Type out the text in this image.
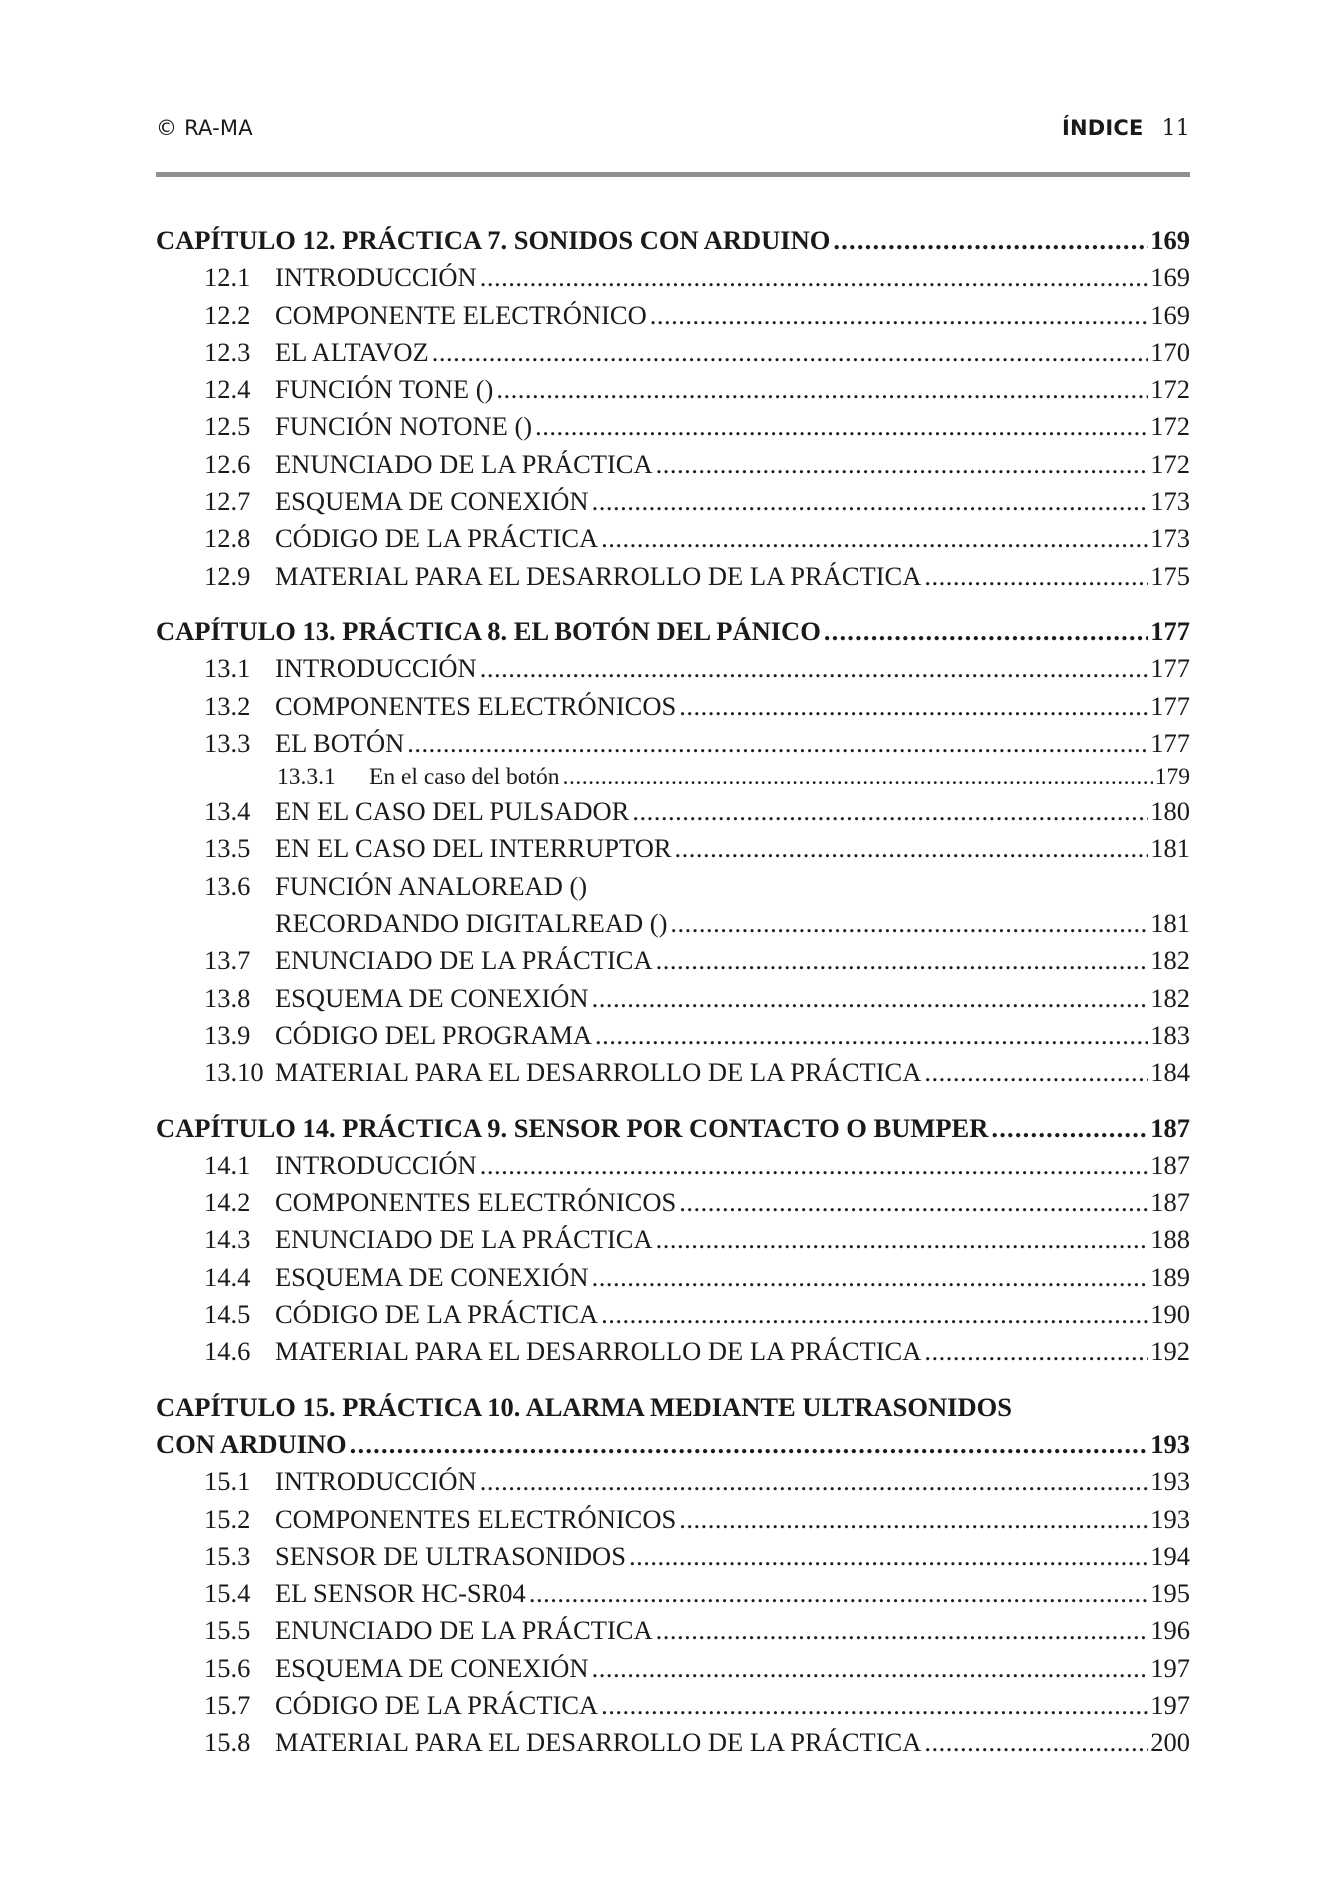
© RA-MA	ÍNDICE 11
CAPÍTULO 12. PRÁCTICA 7. SONIDOS CON ARDUINO .....	169
12.1 INTRODUCCIÓN .....	169
12.2 COMPONENTE ELECTRÓNICO .....	169
12.3 EL ALTAVOZ .....	170
12.4 FUNCIÓN TONE () .....	172
12.5 FUNCIÓN NOTONE () .....	172
12.6 ENUNCIADO DE LA PRÁCTICA .....	172
12.7 ESQUEMA DE CONEXIÓN .....	173
12.8 CÓDIGO DE LA PRÁCTICA .....	173
12.9 MATERIAL PARA EL DESARROLLO DE LA PRÁCTICA .....	175
CAPÍTULO 13. PRÁCTICA 8. EL BOTÓN DEL PÁNICO .....	177
13.1 INTRODUCCIÓN .....	177
13.2 COMPONENTES ELECTRÓNICOS .....	177
13.3 EL BOTÓN .....	177
13.3.1	En el caso del botón .....	179
13.4 EN EL CASO DEL PULSADOR .....	180
13.5 EN EL CASO DEL INTERRUPTOR .....	181
13.6 FUNCIÓN ANALOREAD ()
RECORDANDO DIGITALREAD () .....	181
13.7 ENUNCIADO DE LA PRÁCTICA .....	182
13.8 ESQUEMA DE CONEXIÓN .....	182
13.9 CÓDIGO DEL PROGRAMA .....	183
13.10 MATERIAL PARA EL DESARROLLO DE LA PRÁCTICA .....	184
CAPÍTULO 14. PRÁCTICA 9. SENSOR POR CONTACTO O BUMPER .....	187
14.1 INTRODUCCIÓN .....	187
14.2 COMPONENTES ELECTRÓNICOS .....	187
14.3 ENUNCIADO DE LA PRÁCTICA .....	188
14.4 ESQUEMA DE CONEXIÓN .....	189
14.5 CÓDIGO DE LA PRÁCTICA .....	190
14.6 MATERIAL PARA EL DESARROLLO DE LA PRÁCTICA .....	192
CAPÍTULO 15. PRÁCTICA 10. ALARMA MEDIANTE ULTRASONIDOS
CON ARDUINO .....	193
15.1 INTRODUCCIÓN .....	193
15.2 COMPONENTES ELECTRÓNICOS .....	193
15.3 SENSOR DE ULTRASONIDOS .....	194
15.4 EL SENSOR HC-SR04 .....	195
15.5 ENUNCIADO DE LA PRÁCTICA .....	196
15.6 ESQUEMA DE CONEXIÓN .....	197
15.7 CÓDIGO DE LA PRÁCTICA .....	197
15.8 MATERIAL PARA EL DESARROLLO DE LA PRÁCTICA .....	200
